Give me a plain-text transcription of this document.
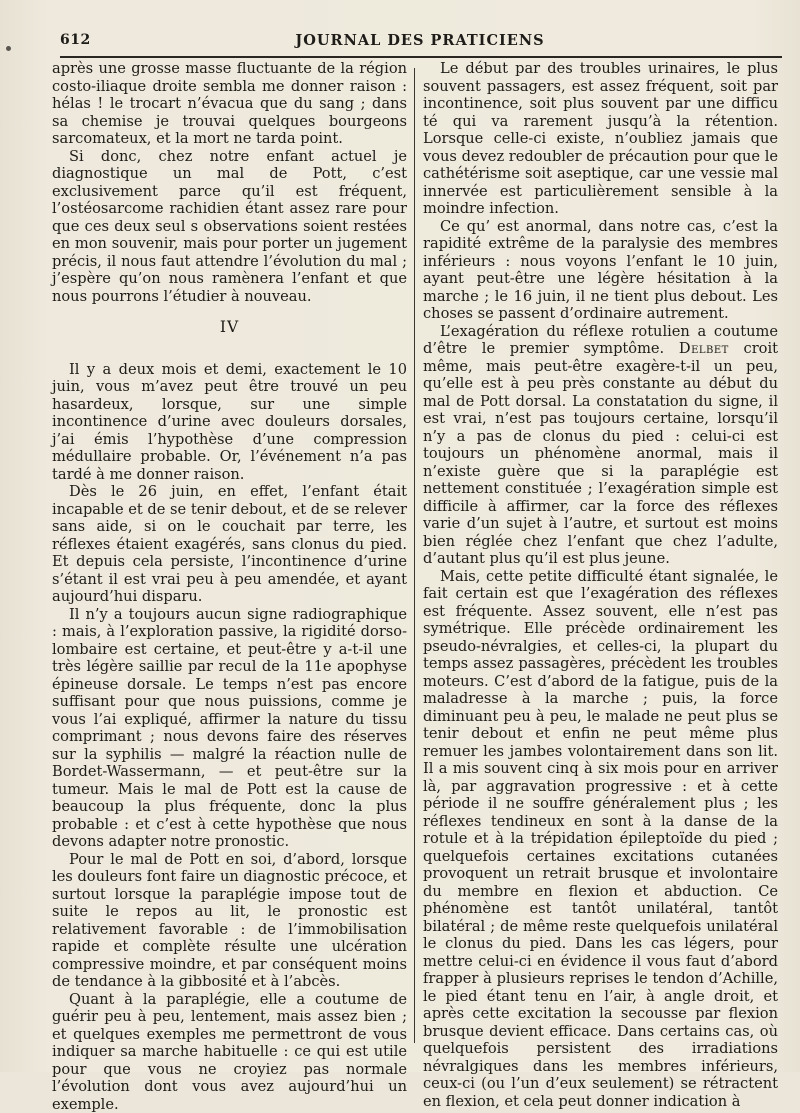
612	JOURNAL DES PRATICIENS

après une grosse masse fluctuante de la région costo-iliaque droite sembla me donner raison : hélas ! le trocart n’évacua que du sang ; dans sa chemise je trouvai quelques bourgeons sarcomateux, et la mort ne tarda point.

Si donc, chez notre enfant actuel je diagnostique un mal de Pott, c’est exclusivement parce qu’il est fréquent, l’ostéosarcome rachidien étant assez rare pour que ces deux seul s observations soient restées en mon souvenir, mais pour porter un jugement précis, il nous faut attendre l’évolution du mal ; j’espère qu’on nous ramènera l’enfant et que nous pourrons l’étudier à nouveau.

IV

Il y a deux mois et demi, exactement le 10 juin, vous m’avez peut être trouvé un peu hasardeux, lorsque, sur une simple incontinence d’urine avec douleurs dorsales, j’ai émis l’hypothèse d’une compression médullaire probable. Or, l’événement n’a pas tardé à me donner raison.

Dès le 26 juin, en effet, l’enfant était incapable et de se tenir debout, et de se relever sans aide, si on le couchait par terre, les réflexes étaient exagérés, sans clonus du pied. Et depuis cela persiste, l’incontinence d’urine s’étant il est vrai peu à peu amendée, et ayant aujourd’hui disparu.

Il n’y a toujours aucun signe radiographique : mais, à l’exploration passive, la rigidité dorso-lombaire est certaine, et peut-être y a-t-il une très légère saillie par recul de la 11e apophyse épineuse dorsale. Le temps n’est pas encore suffisant pour que nous puissions, comme je vous l’ai expliqué, affirmer la nature du tissu comprimant ; nous devons faire des réserves sur la syphilis — malgré la réaction nulle de Bordet-Wassermann, — et peut-être sur la tumeur. Mais le mal de Pott est la cause de beaucoup la plus fréquente, donc la plus probable : et c’est à cette hypothèse que nous devons adapter notre pronostic.

Pour le mal de Pott en soi, d’abord, lorsque les douleurs font faire un diagnostic précoce, et surtout lorsque la paraplégie impose tout de suite le repos au lit, le pronostic est relativement favorable : de l’immobilisation rapide et complète résulte une ulcération compressive moindre, et par conséquent moins de tendance à la gibbosité et à l’abcès.

Quant à la paraplégie, elle a coutume de guérir peu à peu, lentement, mais assez bien ; et quelques exemples me permettront de vous indiquer sa marche habituelle : ce qui est utile pour que vous ne croyiez pas normale l’évolution dont vous avez aujourd’hui un exemple.

Le début par des troubles urinaires, le plus souvent passagers, est assez fréquent, soit par incontinence, soit plus souvent par une difficu té qui va rarement jusqu’à la rétention. Lorsque celle-ci existe, n’oubliez jamais que vous devez redoubler de précaution pour que le cathétérisme soit aseptique, car une vessie mal innervée est particulièrement sensible à la moindre infection.

Ce qu’ est anormal, dans notre cas, c’est la rapidité extrême de la paralysie des membres inférieurs : nous voyons l’enfant le 10 juin, ayant peut-être une légère hésitation à la marche ; le 16 juin, il ne tient plus debout. Les choses se passent d’ordinaire autrement.

L’exagération du réflexe rotulien a coutume d’être le premier symptôme. Delbet croit même, mais peut-être exagère-t-il un peu, qu’elle est à peu près constante au début du mal de Pott dorsal. La constatation du signe, il est vrai, n’est pas toujours certaine, lorsqu’il n’y a pas de clonus du pied : celui-ci est toujours un phénomène anormal, mais il n’existe guère que si la paraplégie est nettement constituée ; l’exagération simple est difficile à affirmer, car la force des réflexes varie d’un sujet à l’autre, et surtout est moins bien réglée chez l’enfant que chez l’adulte, d’autant plus qu’il est plus jeune.

Mais, cette petite difficulté étant signalée, le fait certain est que l’exagération des réflexes est fréquente. Assez souvent, elle n’est pas symétrique. Elle précède ordinairement les pseudo-névralgies, et celles-ci, la plupart du temps assez passagères, précèdent les troubles moteurs. C’est d’abord de la fatigue, puis de la maladresse à la marche ; puis, la force diminuant peu à peu, le malade ne peut plus se tenir debout et enfin ne peut même plus remuer les jambes volontairement dans son lit. Il a mis souvent cinq à six mois pour en arriver là, par aggravation progressive : et à cette période il ne souffre généralement plus ; les réflexes tendineux en sont à la danse de la rotule et à la trépidation épileptoïde du pied ; quelquefois certaines excitations cutanées provoquent un retrait brusque et involontaire du membre en flexion et abduction. Ce phénomène est tantôt unilatéral, tantôt bilatéral ; de même reste quelquefois unilatéral le clonus du pied. Dans les cas légers, pour mettre celui-ci en évidence il vous faut d’abord frapper à plusieurs reprises le tendon d’Achille, le pied étant tenu en l’air, à angle droit, et après cette excitation la secousse par flexion brusque devient efficace. Dans certains cas, où quelquefois persistent des irradiations névralgiques dans les membres inférieurs, ceux-ci (ou l’un d’eux seulement) se rétractent en flexion, et cela peut donner indication à
